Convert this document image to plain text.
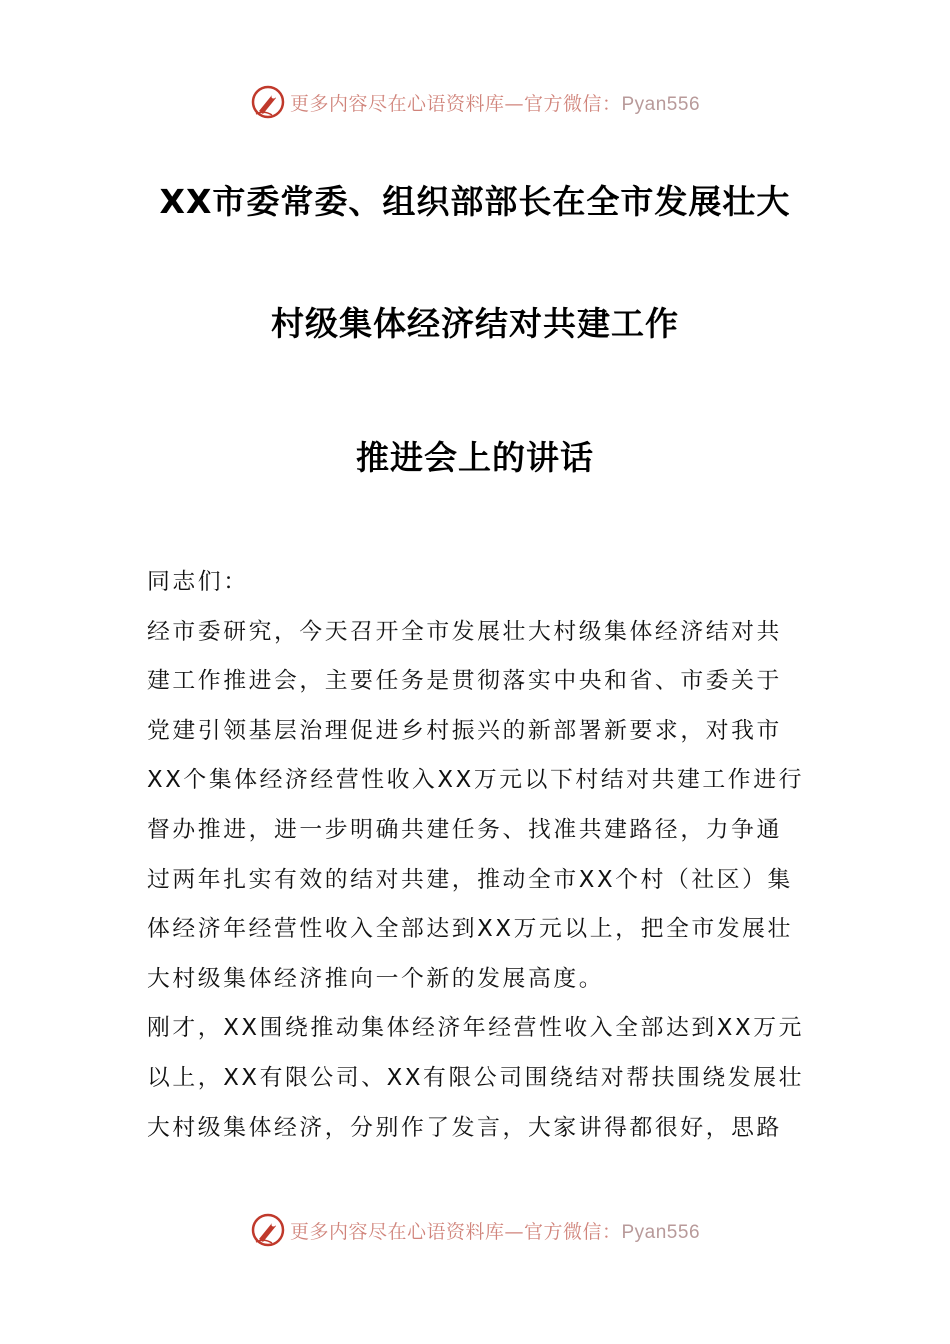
更多内容尽在心语资料库—官方微信：Pyan556
XX市委常委、组织部部长在全市发展壮大
村级集体经济结对共建工作
推进会上的讲话

同志们：

经市委研究，今天召开全市发展壮大村级集体经济结对共建工作推进会，主要任务是贯彻落实中央和省、市委关于党建引领基层治理促进乡村振兴的新部署新要求，对我市XX个集体经济经营性收入XX万元以下村结对共建工作进行督办推进，进一步明确共建任务、找准共建路径，力争通过两年扎实有效的结对共建，推动全市XX个村（社区）集体经济年经营性收入全部达到XX万元以上，把全市发展壮大村级集体经济推向一个新的发展高度。

刚才，XX围绕推动集体经济年经营性收入全部达到XX万元以上，XX有限公司、XX有限公司围绕结对帮扶围绕发展壮大村级集体经济，分别作了发言，大家讲得都很好，思路

更多内容尽在心语资料库—官方微信：Pyan556
